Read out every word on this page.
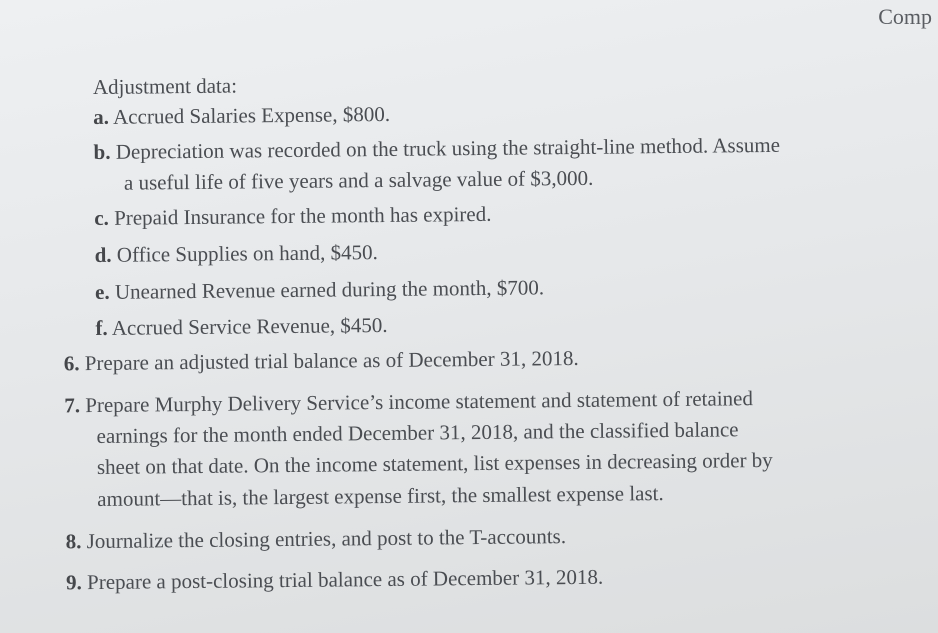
Comp
Adjustment data:
a. Accrued Salaries Expense, $800.
b. Depreciation was recorded on the truck using the straight-line method. Assume
a useful life of five years and a salvage value of $3,000.
c. Prepaid Insurance for the month has expired.
d. Office Supplies on hand, $450.
e. Unearned Revenue earned during the month, $700.
f. Accrued Service Revenue, $450.
6. Prepare an adjusted trial balance as of December 31, 2018.
7. Prepare Murphy Delivery Service’s income statement and statement of retained
earnings for the month ended December 31, 2018, and the classified balance
sheet on that date. On the income statement, list expenses in decreasing order by
amount—that is, the largest expense first, the smallest expense last.
8. Journalize the closing entries, and post to the T-accounts.
9. Prepare a post-closing trial balance as of December 31, 2018.
